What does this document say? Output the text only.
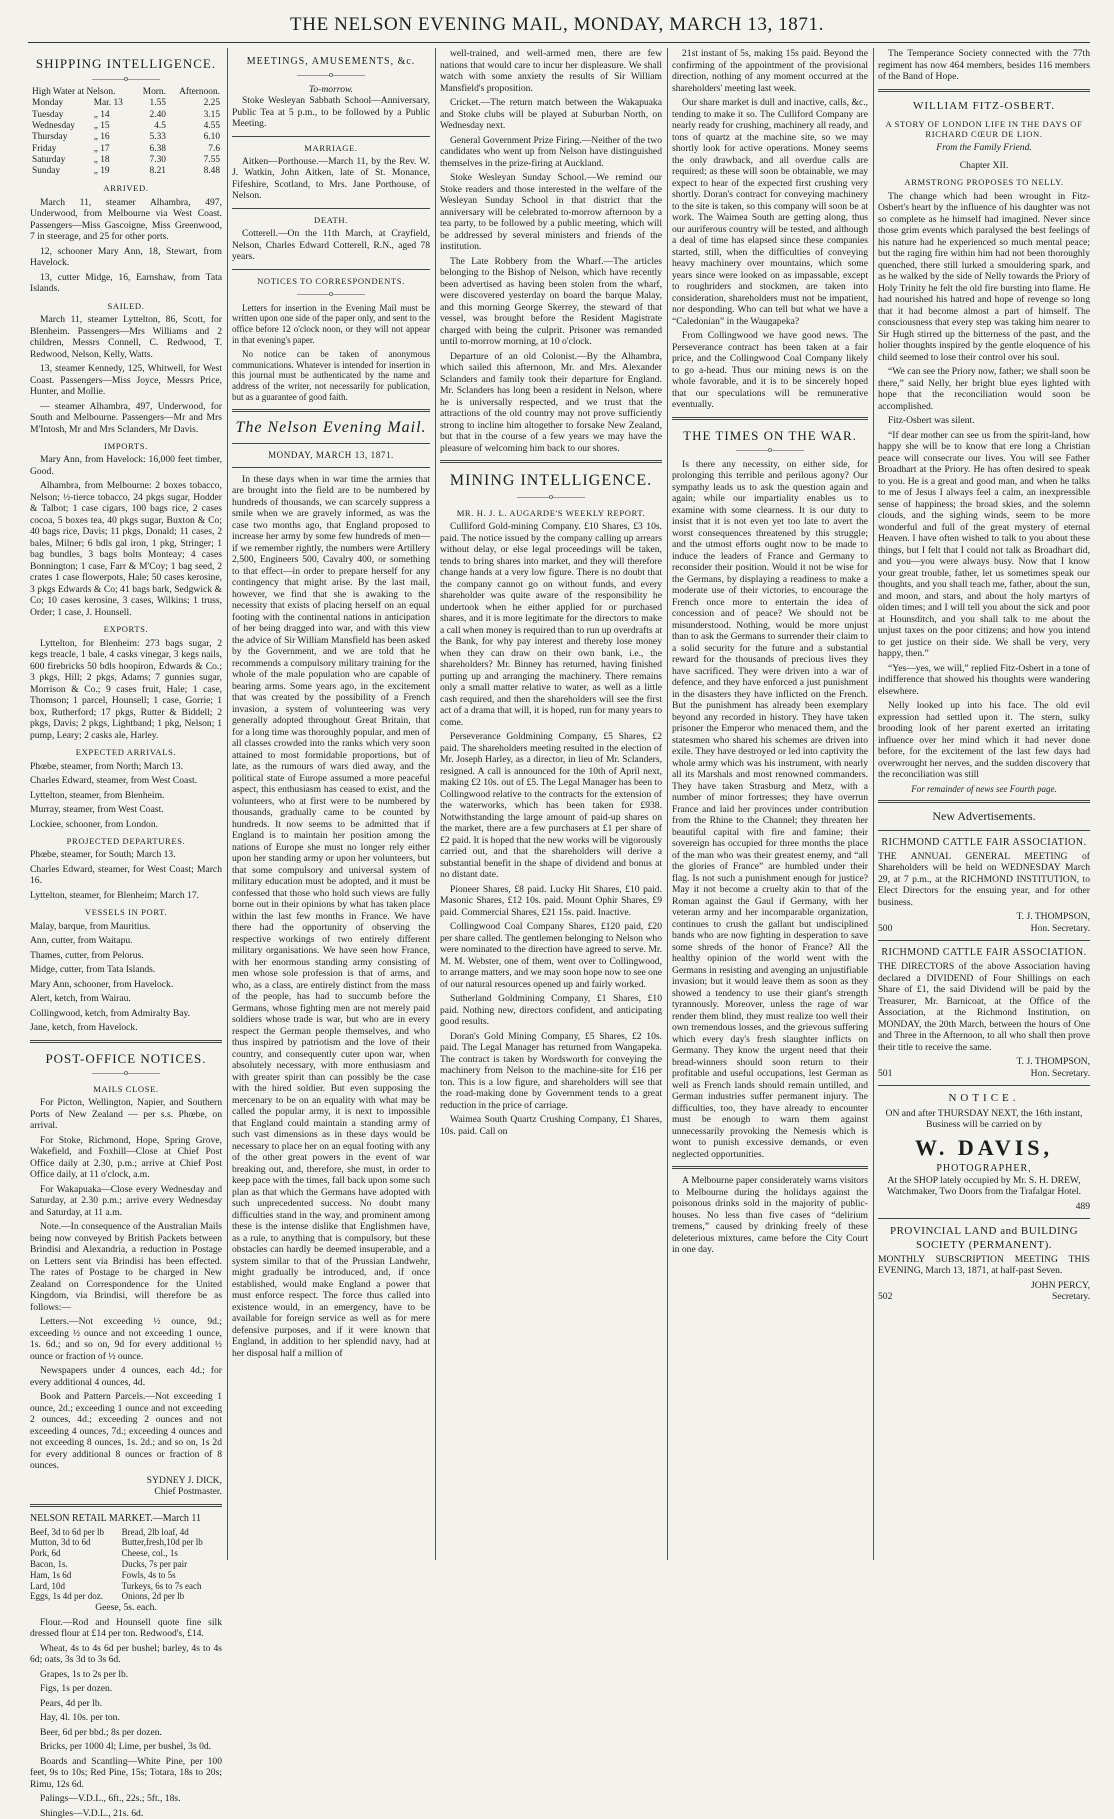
THE NELSON EVENING MAIL, MONDAY, MARCH 13, 1871.
SHIPPING INTELLIGENCE.
————o————
High Water at Nelson.		Morn.	Afternoon.
Monday	Mar. 13	1.55	2.25
Tuesday	„ 14	2.40	3.15
Wednesday	„ 15	4.5	4.55
Thursday	„ 16	5.33	6.10
Friday	„ 17	6.38	7.6
Saturday	„ 18	7.30	7.55
Sunday	„ 19	8.21	8.48
ARRIVED.

March 11, steamer Alhambra, 497, Underwood, from Melbourne via West Coast. Passengers—Miss Gascoigne, Miss Greenwood, 7 in steerage, and 25 for other ports.

12, schooner Mary Ann, 18, Stewart, from Havelock.

13, cutter Midge, 16, Earnshaw, from Tata Islands.

SAILED.

March 11, steamer Lyttelton, 86, Scott, for Blenheim. Passengers—Mrs Williams and 2 children, Messrs Connell, C. Redwood, T. Redwood, Nelson, Kelly, Watts.

13, steamer Kennedy, 125, Whitwell, for West Coast. Passengers—Miss Joyce, Messrs Price, Hunter, and Mollie.

— steamer Alhambra, 497, Underwood, for South and Melbourne. Passengers—Mr and Mrs M'Intosh, Mr and Mrs Sclanders, Mr Davis.

IMPORTS.

Mary Ann, from Havelock: 16,000 feet timber, Good.

Alhambra, from Melbourne: 2 boxes tobacco, Nelson; ½-tierce tobacco, 24 pkgs sugar, Hodder & Talbot; 1 case cigars, 100 bags rice, 2 cases cocoa, 5 boxes tea, 40 pkgs sugar, Buxton & Co; 40 bags rice, Davis; 11 pkgs, Donald; 11 cases, 2 bales, Milner; 6 bdls gal iron, 1 pkg, Stringer; 1 bag bundles, 3 bags bolts Monteay; 4 cases Bonnington; 1 case, Farr & M'Coy; 1 bag seed, 2 crates 1 case flowerpots, Hale; 50 cases kerosine, 3 pkgs Edwards & Co; 41 bags bark, Sedgwick & Co; 10 cases kerosine, 3 cases, Wilkins; 1 truss, Order; 1 case, J. Hounsell.

EXPORTS.

Lyttelton, for Blenheim: 273 bags sugar, 2 kegs treacle, 1 bale, 4 casks vinegar, 3 kegs nails, 600 firebricks 50 bdls hoopiron, Edwards & Co.; 3 pkgs, Hill; 2 pkgs, Adams; 7 gunnies sugar, Morrison & Co.; 9 cases fruit, Hale; 1 case, Thomson; 1 parcel, Hounsell; 1 case, Gorrie; 1 box, Rutherford; 17 pkgs, Rutter & Biddell; 2 pkgs, Davis; 2 pkgs, Lightband; 1 pkg, Nelson; 1 pump, Leary; 2 casks ale, Harley.

EXPECTED ARRIVALS.

Phœbe, steamer, from North; March 13.

Charles Edward, steamer, from West Coast.

Lyttelton, steamer, from Blenheim.

Murray, steamer, from West Coast.

Lockiee, schooner, from London.

PROJECTED DEPARTURES.

Phœbe, steamer, for South; March 13.

Charles Edward, steamer, for West Coast; March 16.

Lyttelton, steamer, for Blenheim; March 17.

VESSELS IN PORT.

Malay, barque, from Mauritius.

Ann, cutter, from Waitapu.

Thames, cutter, from Pelorus.

Midge, cutter, from Tata Islands.

Mary Ann, schooner, from Havelock.

Alert, ketch, from Wairau.

Collingwood, ketch, from Admiralty Bay.

Jane, ketch, from Havelock.

POST-OFFICE NOTICES.
————o————
MAILS CLOSE.

For Picton, Wellington, Napier, and Southern Ports of New Zealand — per s.s. Phœbe, on arrival.

For Stoke, Richmond, Hope, Spring Grove, Wakefield, and Foxhill—Close at Chief Post Office daily at 2.30, p.m.; arrive at Chief Post Office daily, at 11 o'clock, a.m.

For Wakapuaka—Close every Wednesday and Saturday, at 2.30 p.m.; arrive every Wednesday and Saturday, at 11 a.m.

Note.—In consequence of the Australian Mails being now conveyed by British Packets between Brindisi and Alexandria, a reduction in Postage on Letters sent via Brindisi has been effected. The rates of Postage to be charged in New Zealand on Correspondence for the United Kingdom, via Brindisi, will therefore be as follows:—

Letters.—Not exceeding ½ ounce, 9d.; exceeding ½ ounce and not exceeding 1 ounce, 1s. 6d.; and so on, 9d for every additional ½ ounce or fraction of ½ ounce.

Newspapers under 4 ounces, each 4d.; for every additional 4 ounces, 4d.

Book and Pattern Parcels.—Not exceeding 1 ounce, 2d.; exceeding 1 ounce and not exceeding 2 ounces, 4d.; exceeding 2 ounces and not exceeding 4 ounces, 7d.; exceeding 4 ounces and not exceeding 8 ounces, 1s. 2d.; and so on, 1s 2d for every additional 8 ounces or fraction of 8 ounces.

SYDNEY J. DICK,
Chief Postmaster.
NELSON RETAIL MARKET.—March 11
Beef, 3d to 6d per lb	Bread, 2lb loaf, 4d
Mutton, 3d to 6d	Butter,fresh,10d per lb
Pork, 6d	Cheese, col., 1s
Bacon, 1s.	Ducks, 7s per pair
Ham, 1s 6d	Fowls, 4s to 5s
Lard, 10d	Turkeys, 6s to 7s each
Eggs, 1s 4d per doz.	Onions, 2d per lb

Geese, 5s. each.

Flour.—Rod and Hounsell quote fine silk dressed flour at £14 per ton. Redwood's, £14.

Wheat, 4s to 4s 6d per bushel; barley, 4s to 4s 6d; oats, 3s 3d to 3s 6d.

Grapes, 1s to 2s per lb.

Figs, 1s per dozen.

Pears, 4d per lb.

Hay, 4l. 10s. per ton.

Beer, 6d per bbd.; 8s per dozen.

Bricks, per 1000 4l; Lime, per bushel, 3s 0d.

Boards and Scantling—White Pine, per 100 feet, 9s to 10s; Red Pine, 15s; Totara, 18s to 20s; Rimu, 12s 6d.

Palings—V.D.L., 6ft., 22s.; 5ft., 18s.

Shingles—V.D.L., 21s. 6d.

MEETINGS, AMUSEMENTS, &c.
————o————
To-morrow.

Stoke Wesleyan Sabbath School—Anniversary, Public Tea at 5 p.m., to be followed by a Public Meeting.

MARRIAGE.

Aitken—Porthouse.—March 11, by the Rev. W. J. Watkin, John Aitken, late of St. Monance, Fifeshire, Scotland, to Mrs. Jane Porthouse, of Nelson.

DEATH.

Cotterell.—On the 11th March, at Crayfield, Nelson, Charles Edward Cotterell, R.N., aged 78 years.

NOTICES TO CORRESPONDENTS.
————o————

Letters for insertion in the Evening Mail must be written upon one side of the paper only, and sent to the office before 12 o'clock noon, or they will not appear in that evening's paper.

No notice can be taken of anonymous communications. Whatever is intended for insertion in this journal must be authenticated by the name and address of the writer, not necessarily for publication, but as a guarantee of good faith.

The Nelson Evening Mail.
MONDAY, MARCH 13, 1871.

In these days when in war time the armies that are brought into the field are to be numbered by hundreds of thousands, we can scarcely suppress a smile when we are gravely informed, as was the case two months ago, that England proposed to increase her army by some few hundreds of men—if we remember rightly, the numbers were Artillery 2,500, Engineers 500, Cavalry 400, or something to that effect—in order to prepare herself for any contingency that might arise. By the last mail, however, we find that she is awaking to the necessity that exists of placing herself on an equal footing with the continental nations in anticipation of her being dragged into war, and with this view the advice of Sir William Mansfield has been asked by the Government, and we are told that he recommends a compulsory military training for the whole of the male population who are capable of bearing arms. Some years ago, in the excitement that was created by the possibility of a French invasion, a system of volunteering was very generally adopted throughout Great Britain, that for a long time was thoroughly popular, and men of all classes crowded into the ranks which very soon attained to most formidable proportions, but of late, as the rumours of wars died away, and the political state of Europe assumed a more peaceful aspect, this enthusiasm has ceased to exist, and the volunteers, who at first were to be numbered by thousands, gradually came to be counted by hundreds. It now seems to be admitted that if England is to maintain her position among the nations of Europe she must no longer rely either upon her standing army or upon her volunteers, but that some compulsory and universal system of military education must be adopted, and it must be confessed that those who hold such views are fully borne out in their opinions by what has taken place within the last few months in France. We have there had the opportunity of observing the respective workings of two entirely different military organisations. We have seen how France, with her enormous standing army consisting of men whose sole profession is that of arms, and who, as a class, are entirely distinct from the mass of the people, has had to succumb before the Germans, whose fighting men are not merely paid soldiers whose trade is war, but who are in every respect the German people themselves, and who thus inspired by patriotism and the love of their country, and consequently cuter upon war, when absolutely necessary, with more enthusiasm and with greater spirit than can possibly be the case with the hired soldier. But even supposing the mercenary to be on an equality with what may be called the popular army, it is next to impossible that England could maintain a standing army of such vast dimensions as in these days would be necessary to place her on an equal footing with any of the other great powers in the event of war breaking out, and, therefore, she must, in order to keep pace with the times, fall back upon some such plan as that which the Germans have adopted with such unprecedented success. No doubt many difficulties stand in the way, and prominent among these is the intense dislike that Englishmen have, as a rule, to anything that is compulsory, but these obstacles can hardly be deemed insuperable, and a system similar to that of the Prussian Landwehr, might gradually be introduced, and, if once established, would make England a power that must enforce respect. The force thus called into existence would, in an emergency, have to be available for foreign service as well as for mere defensive purposes, and if it were known that England, in addition to her splendid navy, had at her disposal half a million of

well-trained, and well-armed men, there are few nations that would care to incur her displeasure. We shall watch with some anxiety the results of Sir William Mansfield's proposition.

Cricket.—The return match between the Wakapuaka and Stoke clubs will be played at Suburban North, on Wednesday next.

General Government Prize Firing.—Neither of the two candidates who went up from Nelson have distinguished themselves in the prize-firing at Auckland.

Stoke Wesleyan Sunday School.—We remind our Stoke readers and those interested in the welfare of the Wesleyan Sunday School in that district that the anniversary will be celebrated to-morrow afternoon by a tea party, to be followed by a public meeting, which will be addressed by several ministers and friends of the institution.

The Late Robbery from the Wharf.—The articles belonging to the Bishop of Nelson, which have recently been advertised as having been stolen from the wharf, were discovered yesterday on board the barque Malay, and this morning George Skerrey, the steward of that vessel, was brought before the Resident Magistrate charged with being the culprit. Prisoner was remanded until to-morrow morning, at 10 o'clock.

Departure of an old Colonist.—By the Alhambra, which sailed this afternoon, Mr. and Mrs. Alexander Sclanders and family took their departure for England. Mr. Sclanders has long been a resident in Nelson, where he is universally respected, and we trust that the attractions of the old country may not prove sufficiently strong to incline him altogether to forsake New Zealand, but that in the course of a few years we may have the pleasure of welcoming him back to our shores.

MINING INTELLIGENCE.
————o————
MR. H. J. L. AUGARDE'S WEEKLY REPORT.

Culliford Gold-mining Company. £10 Shares, £3 10s. paid. The notice issued by the company calling up arrears without delay, or else legal proceedings will be taken, tends to bring shares into market, and they will therefore change hands at a very low figure. There is no doubt that the company cannot go on without funds, and every shareholder was quite aware of the responsibility he undertook when he either applied for or purchased shares, and it is more legitimate for the directors to make a call when money is required than to run up overdrafts at the Bank, for why pay interest and thereby lose money when they can draw on their own bank, i.e., the shareholders? Mr. Binney has returned, having finished putting up and arranging the machinery. There remains only a small matter relative to water, as well as a little cash required, and then the shareholders will see the first act of a drama that will, it is hoped, run for many years to come.

Perseverance Goldmining Company, £5 Shares, £2 paid. The shareholders meeting resulted in the election of Mr. Joseph Harley, as a director, in lieu of Mr. Sclanders, resigned. A call is announced for the 10th of April next, making £2 10s. out of £5. The Legal Manager has been to Collingwood relative to the contracts for the extension of the waterworks, which has been taken for £938. Notwithstanding the large amount of paid-up shares on the market, there are a few purchasers at £1 per share of £2 paid. It is hoped that the new works will be vigorously carried out, and that the shareholders will derive a substantial benefit in the shape of dividend and bonus at no distant date.

Pioneer Shares, £8 paid. Lucky Hit Shares, £10 paid. Masonic Shares, £12 10s. paid. Mount Ophir Shares, £9 paid. Commercial Shares, £21 15s. paid. Inactive.

Collingwood Coal Company Shares, £120 paid, £20 per share called. The gentlemen belonging to Nelson who were nominated to the direction have agreed to serve. Mr. M. M. Webster, one of them, went over to Collingwood, to arrange matters, and we may soon hope now to see one of our natural resources opened up and fairly worked.

Sutherland Goldmining Company, £1 Shares, £10 paid. Nothing new, directors confident, and anticipating good results.

Doran's Gold Mining Company, £5 Shares, £2 10s. paid. The Legal Manager has returned from Wangapeka. The contract is taken by Wordsworth for conveying the machinery from Nelson to the machine-site for £16 per ton. This is a low figure, and shareholders will see that the road-making done by Government tends to a great reduction in the price of carriage.

Waimea South Quartz Crushing Company, £1 Shares, 10s. paid. Call on

21st instant of 5s, making 15s paid. Beyond the confirming of the appointment of the provisional direction, nothing of any moment occurred at the shareholders' meeting last week.

Our share market is dull and inactive, calls, &c., tending to make it so. The Culliford Company are nearly ready for crushing, machinery all ready, and tons of quartz at the machine site, so we may shortly look for active operations. Money seems the only drawback, and all overdue calls are required; as these will soon be obtainable, we may expect to hear of the expected first crushing very shortly. Doran's contract for conveying machinery to the site is taken, so this company will soon be at work. The Waimea South are getting along, thus our auriferous country will be tested, and although a deal of time has elapsed since these companies started, still, when the difficulties of conveying heavy machinery over mountains, which some years since were looked on as impassable, except to roughriders and stockmen, are taken into consideration, shareholders must not be impatient, nor desponding. Who can tell but what we have a “Caledonian” in the Waugapeka?

From Collingwood we have good news. The Perseverance contract has been taken at a fair price, and the Collingwood Coal Company likely to go a-head. Thus our mining news is on the whole favorable, and it is to be sincerely hoped that our speculations will be remunerative eventually.

THE TIMES ON THE WAR.
————o————

Is there any necessity, on either side, for prolonging this terrible and perilous agony? Our sympathy leads us to ask the question again and again; while our impartiality enables us to examine with some clearness. It is our duty to insist that it is not even yet too late to avert the worst consequences threatened by this struggle; and the utmost efforts ought now to be made to induce the leaders of France and Germany to reconsider their position. Would it not be wise for the Germans, by displaying a readiness to make a moderate use of their victories, to encourage the French once more to entertain the idea of concession and of peace? We should not be misunderstood. Nothing, would be more unjust than to ask the Germans to surrender their claim to a solid security for the future and a substantial reward for the thousands of precious lives they have sacrificed. They were driven into a war of defence, and they have enforced a just punishment in the disasters they have inflicted on the French. But the punishment has already been exemplary beyond any recorded in history. They have taken prisoner the Emperor who menaced them, and the statesmen who shared his schemes are driven into exile. They have destroyed or led into captivity the whole army which was his instrument, with nearly all its Marshals and most renowned commanders. They have taken Strasburg and Metz, with a number of minor fortresses; they have overrun France and laid her provinces under contribution from the Rhine to the Channel; they threaten her beautiful capital with fire and famine; their sovereign has occupied for three months the place of the man who was their greatest enemy, and “all the glories of France” are humbled under their flag. Is not such a punishment enough for justice? May it not become a cruelty akin to that of the Roman against the Gaul if Germany, with her veteran army and her incomparable organization, continues to crush the gallant but undisciplined bands who are now fighting in desperation to save some shreds of the honor of France? All the healthy opinion of the world went with the Germans in resisting and avenging an unjustifiable invasion; but it would leave them as soon as they showed a tendency to use their giant's strength tyrannously. Moreover, unless the rage of war render them blind, they must realize too well their own tremendous losses, and the grievous suffering which every day's fresh slaughter inflicts on Germany. They know the urgent need that their bread-winners should soon return to their profitable and useful occupations, lest German as well as French lands should remain untilled, and German industries suffer permanent injury. The difficulties, too, they have already to encounter must be enough to warn them against unnecessarily provoking the Nemesis which is wont to punish excessive demands, or even neglected opportunities.

A Melbourne paper considerately warns visitors to Melbourne during the holidays against the poisonous drinks sold in the majority of public-houses. No less than five cases of “delirium tremens,” caused by drinking freely of these deleterious mixtures, came before the City Court in one day.

The Temperance Society connected with the 77th regiment has now 464 members, besides 116 members of the Band of Hope.

WILLIAM FITZ-OSBERT.
A STORY OF LONDON LIFE IN THE DAYS OF RICHARD CŒUR DE LION.
From the Family Friend.
Chapter XII.
ARMSTRONG PROPOSES TO NELLY.

The change which had been wrought in Fitz-Osbert's heart by the influence of his daughter was not so complete as he himself had imagined. Never since those grim events which paralysed the best feelings of his nature had he experienced so much mental peace; but the raging fire within him had not been thoroughly quenched, there still lurked a smouldering spark, and as he walked by the side of Nelly towards the Priory of Holy Trinity he felt the old fire bursting into flame. He had nourished his hatred and hope of revenge so long that it had become almost a part of himself. The consciousness that every step was taking him nearer to Sir Hugh stirred up the bitterness of the past, and the holier thoughts inspired by the gentle eloquence of his child seemed to lose their control over his soul.

“We can see the Priory now, father; we shall soon be there,” said Nelly, her bright blue eyes lighted with hope that the reconciliation would soon be accomplished.

Fitz-Osbert was silent.

“If dear mother can see us from the spirit-land, how happy she will be to know that ere long a Christian peace will consecrate our lives. You will see Father Broadhart at the Priory. He has often desired to speak to you. He is a great and good man, and when he talks to me of Jesus I always feel a calm, an inexpressible sense of happiness; the broad skies, and the solemn clouds, and the sighing winds, seem to be more wonderful and full of the great mystery of eternal Heaven. I have often wished to talk to you about these things, but I felt that I could not talk as Broadhart did, and you—you were always busy. Now that I know your great trouble, father, let us sometimes speak our thoughts, and you shall teach me, father, about the sun, and moon, and stars, and about the holy martyrs of olden times; and I will tell you about the sick and poor at Hounsditch, and you shall talk to me about the unjust taxes on the poor citizens; and how you intend to get justice on their side. We shall be very, very happy, then.”

“Yes—yes, we will,” replied Fitz-Osbert in a tone of indifference that showed his thoughts were wandering elsewhere.

Nelly looked up into his face. The old evil expression had settled upon it. The stern, sulky brooding look of her parent exerted an irritating influence over her mind which it had never done before, for the excitement of the last few days had overwrought her nerves, and the sudden discovery that the reconciliation was still

For remainder of news see Fourth page.
New Advertisements.
RICHMOND CATTLE FAIR ASSOCIATION.

THE ANNUAL GENERAL MEETING of Shareholders will be held on WEDNESDAY March 29, at 7 p.m., at the RICHMOND INSTITUTION, to Elect Directors for the ensuing year, and for other business.

T. J. THOMPSON,
500	Hon. Secretary.
RICHMOND CATTLE FAIR ASSOCIATION.

THE DIRECTORS of the above Association having declared a DIVIDEND of Four Shillings on each Share of £1, the said Dividend will be paid by the Treasurer, Mr. Barnicoat, at the Office of the Association, at the Richmond Institution, on MONDAY, the 20th March, between the hours of One and Three in the Afternoon, to all who shall then prove their title to receive the same.

T. J. THOMPSON,
501	Hon. Secretary.
NOTICE.

ON and after THURSDAY NEXT, the 16th instant, Business will be carried on by

W. DAVIS,
PHOTOGRAPHER,

At the SHOP lately occupied by Mr. S. H. DREW, Watchmaker, Two Doors from the Trafalgar Hotel.

489
PROVINCIAL LAND and BUILDING SOCIETY (PERMANENT).

MONTHLY SUBSCRIPTION MEETING THIS EVENING, March 13, 1871, at half-past Seven.

JOHN PERCY,
502	Secretary.
